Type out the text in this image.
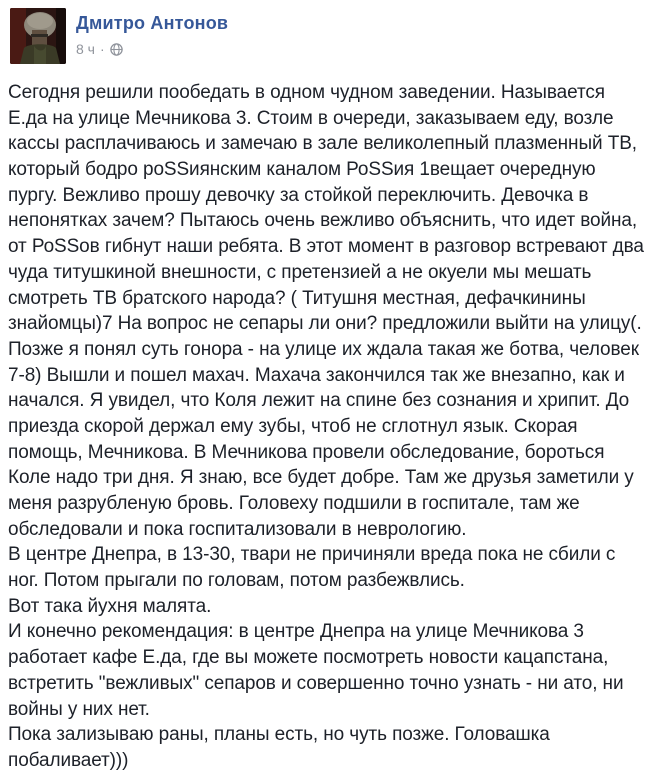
Дмитро Антонов
8 ч ·
Сегодня решили пообедать в одном чудном заведении. Называется
Е.да на улице Мечникова 3. Стоим в очереди, заказываем еду, возле
кассы расплачиваюсь и замечаю в зале великолепный плазменный ТВ,
который бодро роSSиянским каналом РоSSия 1вещает очередную
пургу. Вежливо прошу девочку за стойкой переключить. Девочка в
непонятках зачем? Пытаюсь очень вежливо объяснить, что идет война,
от РоSSов гибнут наши ребята. В этот момент в разговор встревают два
чуда титушкиной внешности, с претензией а не окуели мы мешать
смотреть ТВ братского народа? ( Титушня местная, дефачкинины
знайомцы)7 На вопрос не сепары ли они? предложили выйти на улицу(.
Позже я понял суть гонора - на улице их ждала такая же ботва, человек
7-8) Вышли и пошел махач. Махача закончился так же внезапно, как и
начался. Я увидел, что Коля лежит на спине без сознания и хрипит. До
приезда скорой держал ему зубы, чтоб не сглотнул язык. Скорая
помощь, Мечникова. В Мечникова провели обследование, бороться
Коле надо три дня. Я знаю, все будет добре. Там же друзья заметили у
меня разрубленую бровь. Головеху подшили в госпитале, там же
обследовали и пока госпитализовали в неврологию.
В центре Днепра, в 13-30, твари не причиняли вреда пока не сбили с
ног. Потом прыгали по головам, потом разбежвлись.
Вот така йухня малята.
И конечно рекомендация: в центре Днепра на улице Мечникова 3
работает кафе Е.да, где вы можете посмотреть новости кацапстана,
встретить "вежливых" сепаров и совершенно точно узнать - ни ато, ни
войны у них нет.
Пока зализываю раны, планы есть, но чуть позже. Головашка
побаливает)))
